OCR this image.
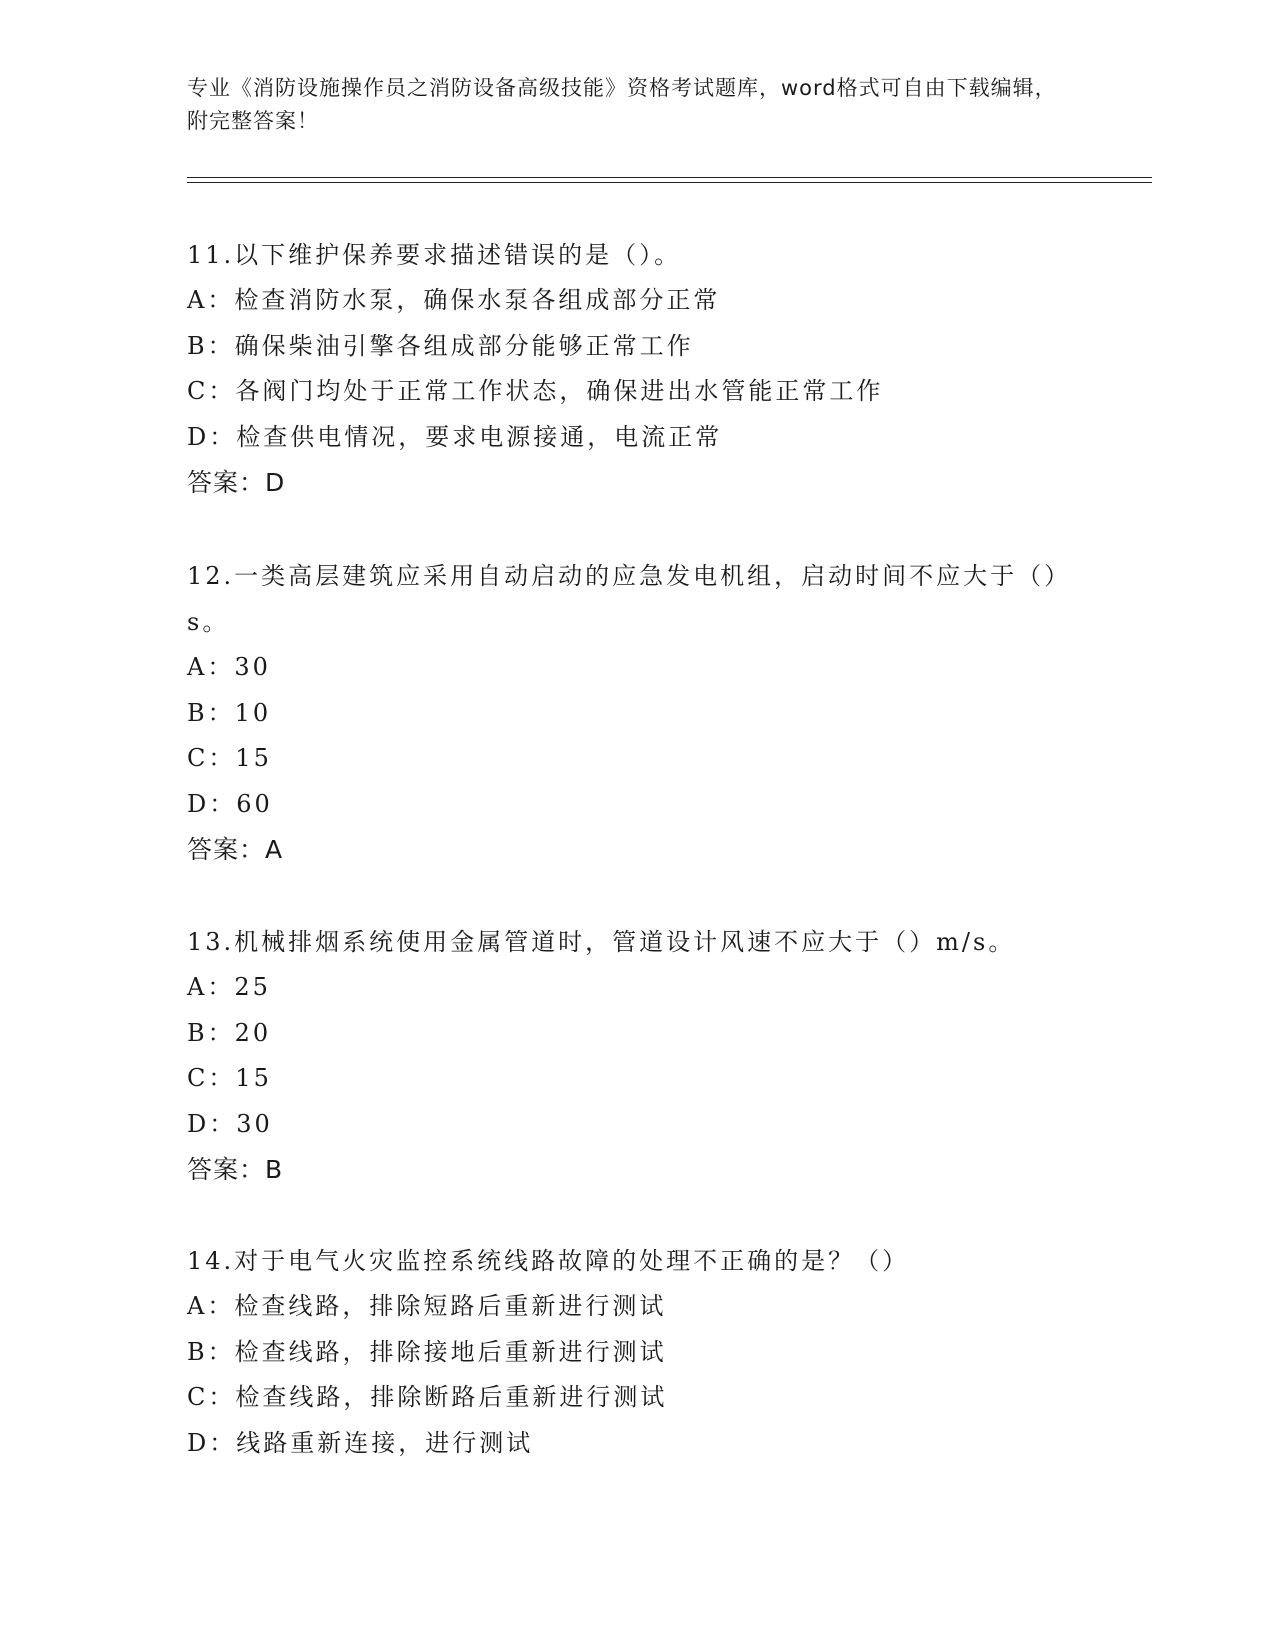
专业《消防设施操作员之消防设备高级技能》资格考试题库，word格式可自由下载编辑，附完整答案！
11.以下维护保养要求描述错误的是（）。
A：检查消防水泵，确保水泵各组成部分正常
B：确保柴油引擎各组成部分能够正常工作
C：各阀门均处于正常工作状态，确保进出水管能正常工作
D：检查供电情况，要求电源接通，电流正常
答案：D
12.一类高层建筑应采用自动启动的应急发电机组，启动时间不应大于（）s。
A：30
B：10
C：15
D：60
答案：A
13.机械排烟系统使用金属管道时，管道设计风速不应大于（）m/s。
A：25
B：20
C：15
D：30
答案：B
14.对于电气火灾监控系统线路故障的处理不正确的是？（）
A：检查线路，排除短路后重新进行测试
B：检查线路，排除接地后重新进行测试
C：检查线路，排除断路后重新进行测试
D：线路重新连接，进行测试
